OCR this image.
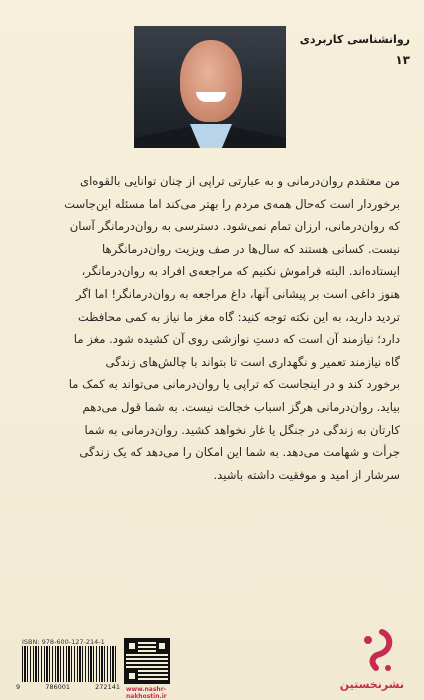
روانشناسی کاربردی
۱۳

من معتقدم روان‌درمانی و به عبارتی تراپی از چنان توانایی بالقوه‌ای

برخوردار است که‌حال همه‌ی مردم را بهتر می‌کند اما مسئله این‌جاست

که روان‌درمانی، ارزان تمام نمی‌شود. دسترسی به روان‌درمانگر آسان

نیست. کسانی هستند که سال‌ها در صف ویزیت روان‌درمانگرها

ایستاده‌اند. البته فراموش نکنیم که مراجعه‌ی افراد به روان‌درمانگر،

هنوز داغی است بر پیشانی آنها، داغ مراجعه به روان‌درمانگر! اما اگر

تردید دارید، به این نکته توجه کنید: گاه مغز ما نیاز به کمی محافظت

دارد؛ نیازمند آن است که دستِ نوازشی روی آن کشیده شود. مغز ما

گاه نیازمند تعمیر و نگهداری است تا بتواند با چالش‌های زندگی

برخورد کند و در اینجاست که تراپی یا روان‌درمانی می‌تواند به کمک ما

بیاید. روان‌درمانی هرگز اسباب خجالت نیست. به شما قول می‌دهم

کارتان به زندگی در جنگل یا غار نخواهد کشید. روان‌درمانی به شما

جرأت و شهامت می‌دهد. به شما این امکان را می‌دهد که یک زندگی

سرشار از امید و موفقیت داشته باشید.

ISBN: 978-600-127-214-1
9	786001	272141 www.nashr-nakhostin.ir
نشرنخستین
